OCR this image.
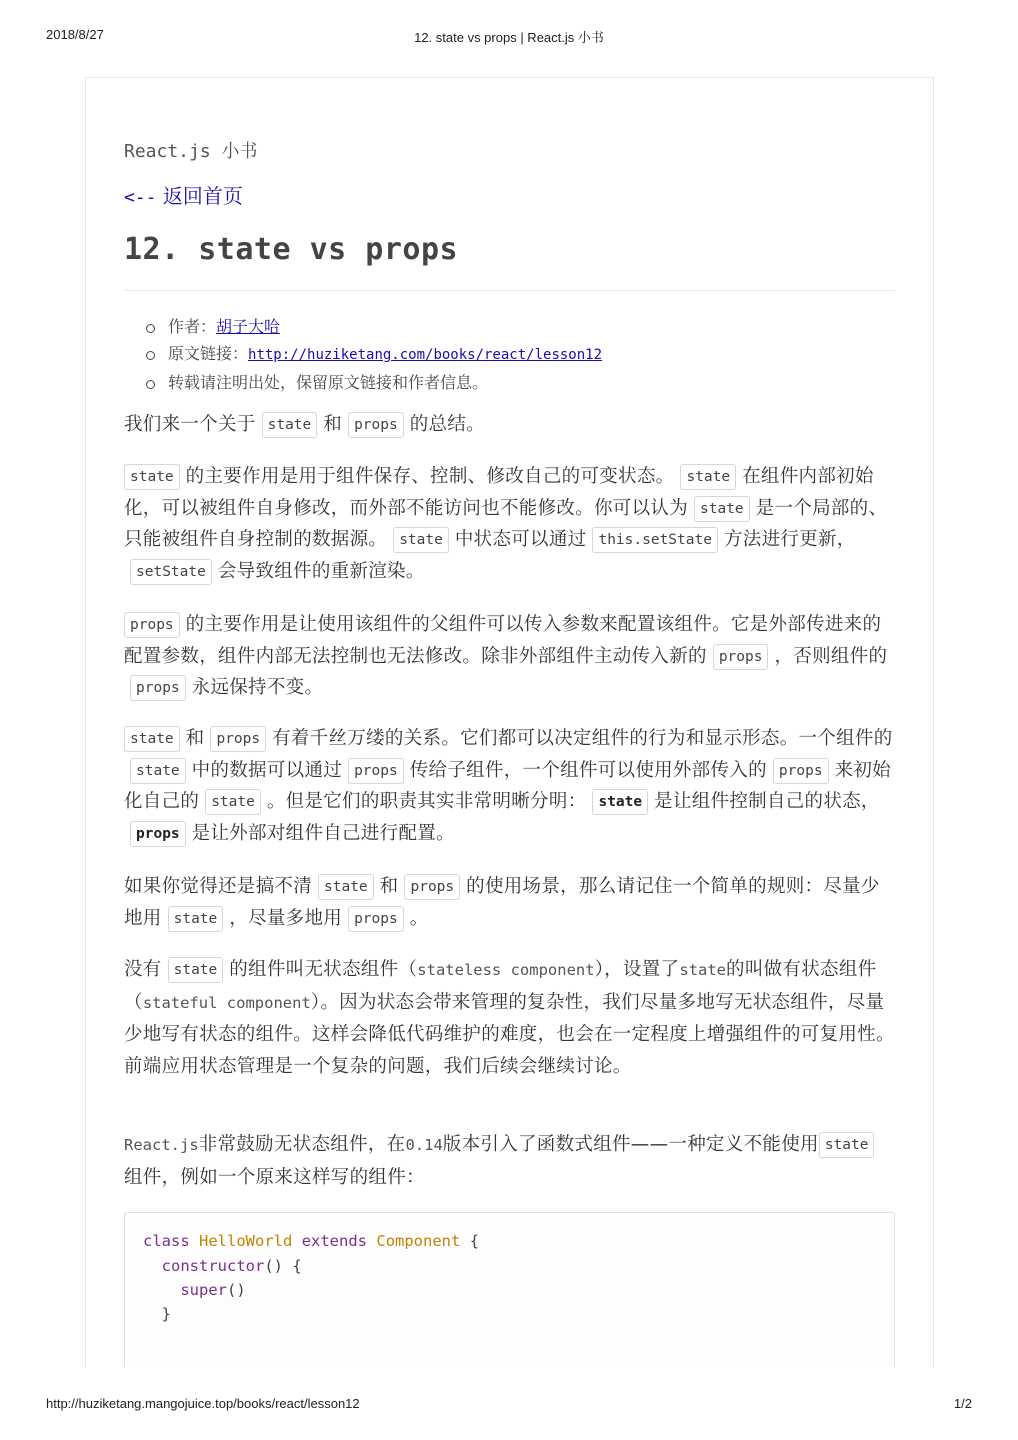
2018/8/27	12. state vs props | React.js 小书
React.js 小书
<-- 返回首页
12. state vs props
作者：胡子大哈
原文链接：http://huziketang.com/books/react/lesson12
转载请注明出处，保留原文链接和作者信息。

我们来一个关于 state 和 props 的总结。

state 的主要作用是用于组件保存、控制、修改自己的可变状态。 state 在组件内部初始化，可以被组件自身修改，而外部不能访问也不能修改。你可以认为 state 是一个局部的、只能被组件自身控制的数据源。 state 中状态可以通过 this.setState 方法进行更新，setState 会导致组件的重新渲染。

props 的主要作用是让使用该组件的父组件可以传入参数来配置该组件。它是外部传进来的配置参数，组件内部无法控制也无法修改。除非外部组件主动传入新的 props ，否则组件的props 永远保持不变。

state 和 props 有着千丝万缕的关系。它们都可以决定组件的行为和显示形态。一个组件的state 中的数据可以通过 props 传给子组件，一个组件可以使用外部传入的 props 来初始化自己的 state 。但是它们的职责其实非常明晰分明： state 是让组件控制自己的状态，props 是让外部对组件自己进行配置。

如果你觉得还是搞不清 state 和 props 的使用场景，那么请记住一个简单的规则：尽量少地用 state ，尽量多地用 props 。

没有 state 的组件叫无状态组件（stateless component），设置了state的叫做有状态组件（stateful component）。因为状态会带来管理的复杂性，我们尽量多地写无状态组件，尽量少地写有状态的组件。这样会降低代码维护的难度，也会在一定程度上增强组件的可复用性。前端应用状态管理是一个复杂的问题，我们后续会继续讨论。

React.js非常鼓励无状态组件，在0.14版本引入了函数式组件——一种定义不能使用 state组件，例如一个原来这样写的组件：

class HelloWorld extends Component {
constructor() {
super()
}
http://huziketang.mangojuice.top/books/react/lesson12	1/2
